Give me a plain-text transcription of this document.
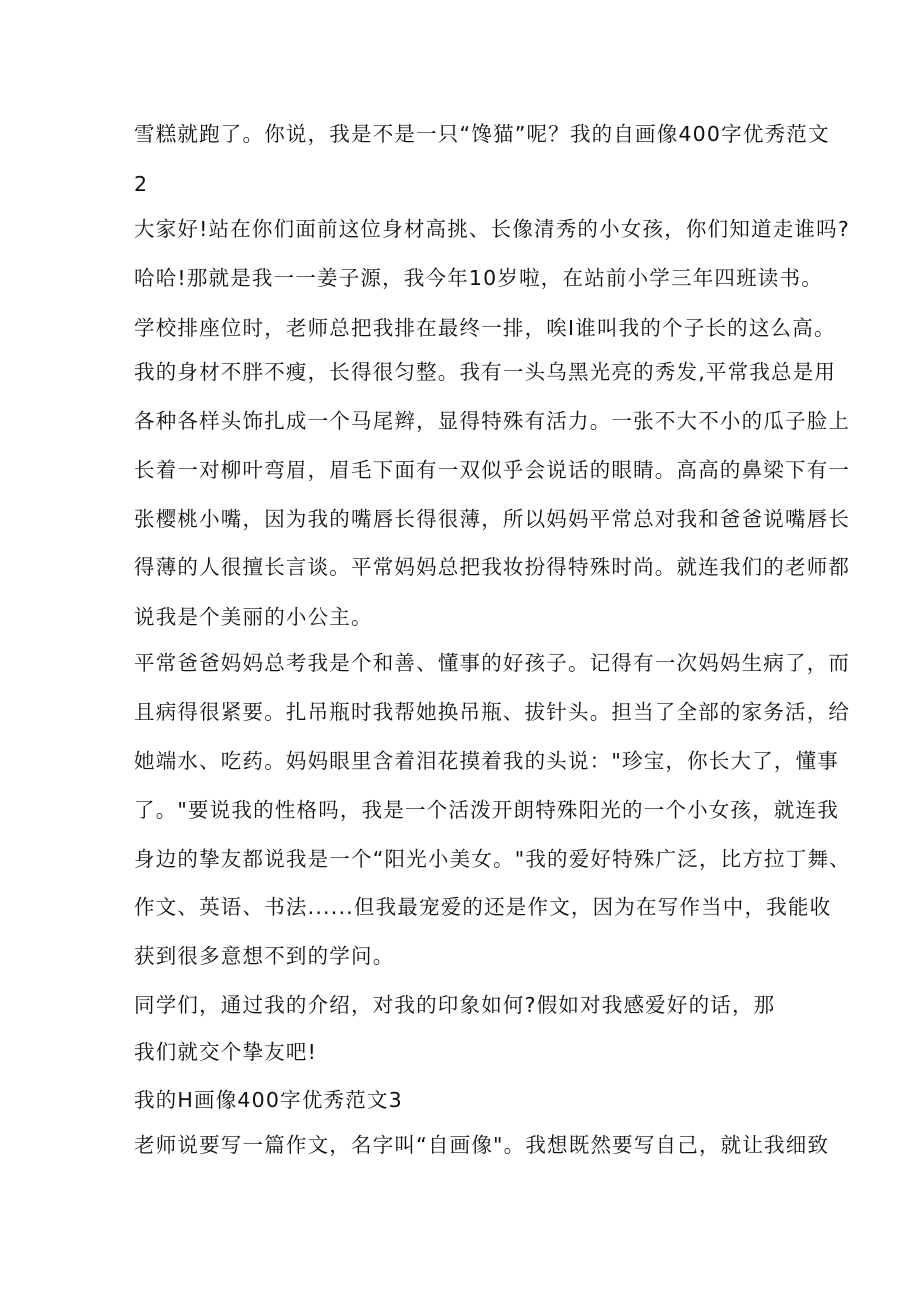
雪糕就跑了。你说，我是不是一只“馋猫”呢？我的自画像400字优秀范文
2
大家好!站在你们面前这位身材高挑、长像清秀的小女孩，你们知道走谁吗?
哈哈!那就是我一一姜子源，我今年10岁啦，在站前小学三年四班读书。
学校排座位时，老师总把我排在最终一排，唉I谁叫我的个子长的这么高。
我的身材不胖不瘦，长得很匀整。我有一头乌黑光亮的秀发,平常我总是用
各种各样头饰扎成一个马尾辫，显得特殊有活力。一张不大不小的瓜子脸上
长着一对柳叶弯眉，眉毛下面有一双似乎会说话的眼睛。高高的鼻梁下有一
张樱桃小嘴，因为我的嘴唇长得很薄，所以妈妈平常总对我和爸爸说嘴唇长
得薄的人很擅长言谈。平常妈妈总把我妆扮得特殊时尚。就连我们的老师都
说我是个美丽的小公主。
平常爸爸妈妈总考我是个和善、懂事的好孩子。记得有一次妈妈生病了，而
且病得很紧要。扎吊瓶时我帮她换吊瓶、拔针头。担当了全部的家务活，给
她端水、吃药。妈妈眼里含着泪花摸着我的头说："珍宝，你长大了，懂事
了。"要说我的性格吗，我是一个活泼开朗特殊阳光的一个小女孩，就连我
身边的挚友都说我是一个“阳光小美女。"我的爱好特殊广泛，比方拉丁舞、
作文、英语、书法......但我最宠爱的还是作文，因为在写作当中，我能收
获到很多意想不到的学问。
同学们，通过我的介绍，对我的印象如何?假如对我感爱好的话，那
我们就交个挚友吧!
我的H画像400字优秀范文3
老师说要写一篇作文，名字叫“自画像"。我想既然要写自己，就让我细致
